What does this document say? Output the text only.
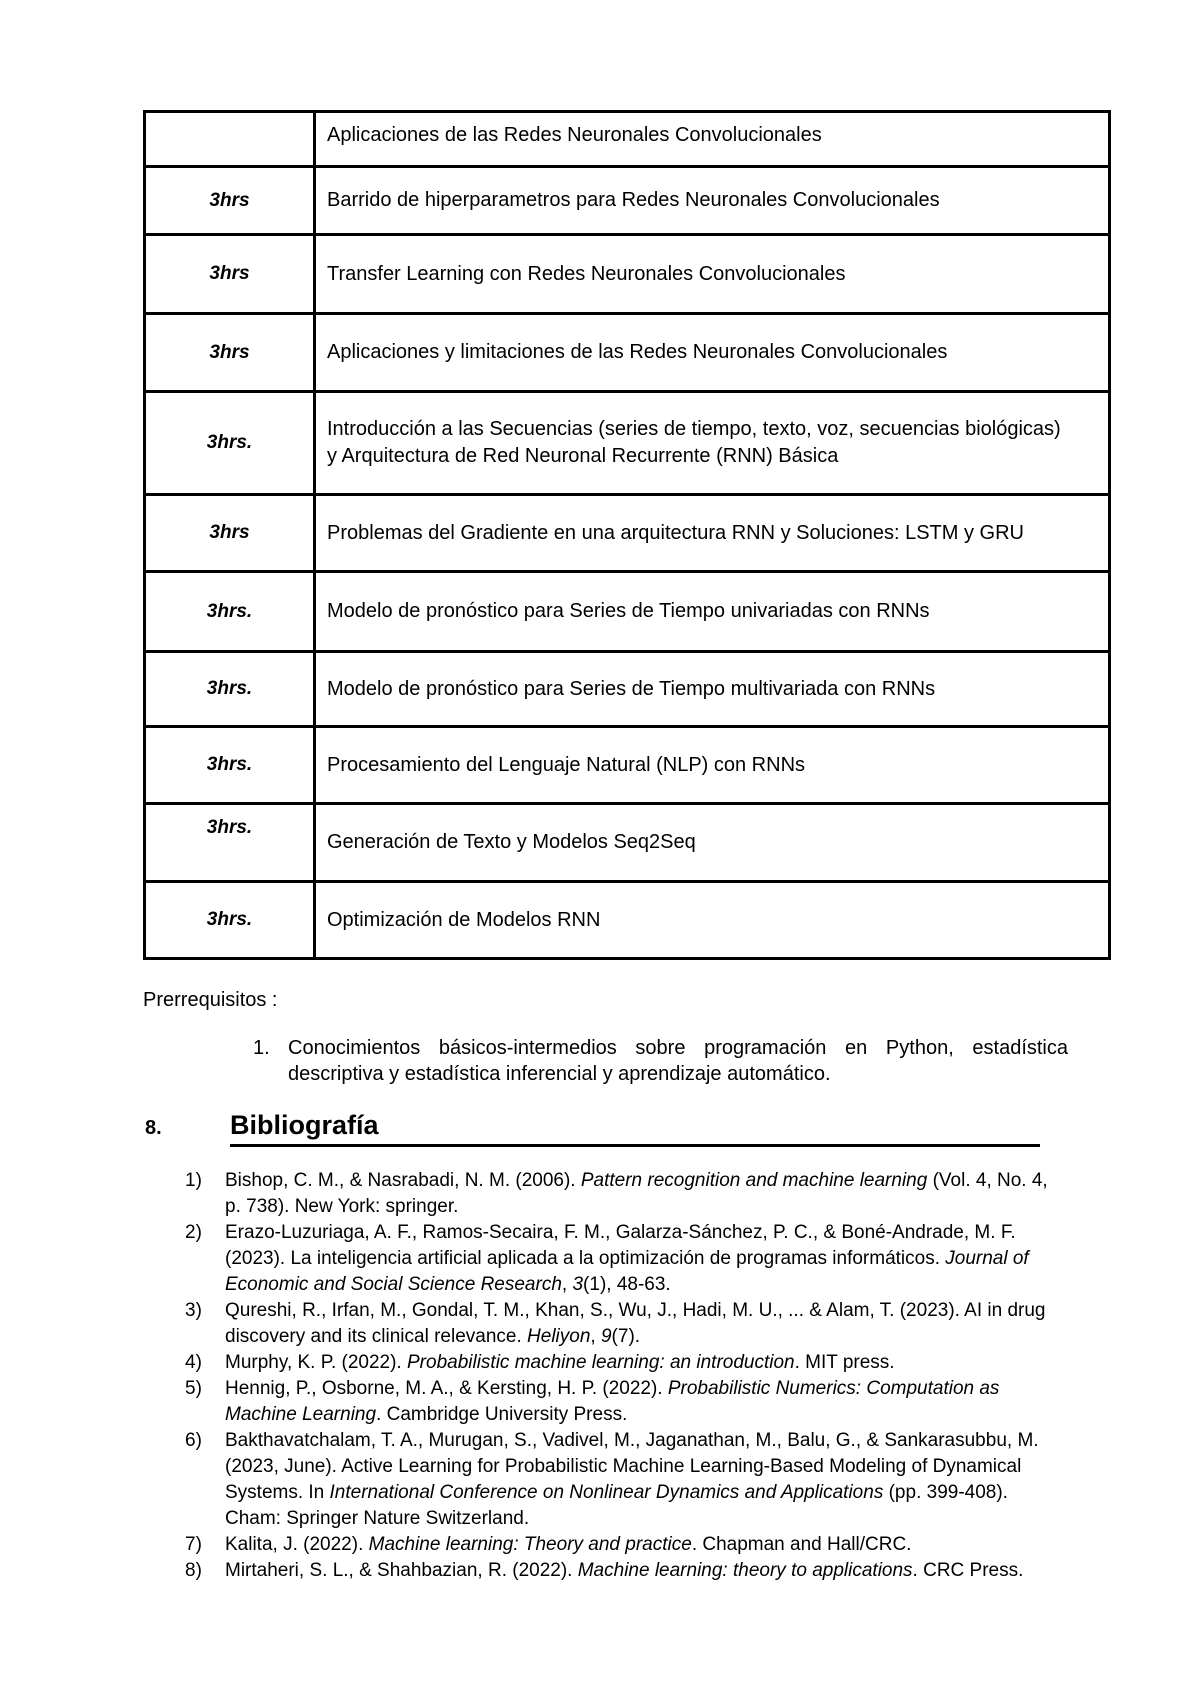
	Aplicaciones de las Redes Neuronales Convolucionales

3hrs	Barrido de hiperparametros para Redes Neuronales Convolucionales

3hrs	Transfer Learning con Redes Neuronales Convolucionales

3hrs	Aplicaciones y limitaciones de las Redes Neuronales Convolucionales

3hrs.	Introducción a las Secuencias (series de tiempo, texto, voz, secuencias biológicas) y Arquitectura de Red Neuronal Recurrente (RNN) Básica

3hrs	Problemas del Gradiente en una arquitectura RNN y Soluciones: LSTM y GRU

3hrs.	Modelo de pronóstico para Series de Tiempo univariadas con RNNs

3hrs.	Modelo de pronóstico para Series de Tiempo multivariada con RNNs

3hrs.	Procesamiento del Lenguaje Natural (NLP) con RNNs

3hrs.	Generación de Texto y Modelos Seq2Seq

3hrs.	Optimización de Modelos RNN
Prerrequisitos :
1. Conocimientos básicos-intermedios sobre programación en Python, estadística descriptiva y estadística inferencial y aprendizaje automático.
8.	Bibliografía
1)	Bishop, C. M., & Nasrabadi, N. M. (2006). Pattern recognition and machine learning (Vol. 4, No. 4, p. 738). New York: springer.
2)	Erazo-Luzuriaga, A. F., Ramos-Secaira, F. M., Galarza-Sánchez, P. C., & Boné-Andrade, M. F. (2023). La inteligencia artificial aplicada a la optimización de programas informáticos. Journal of Economic and Social Science Research, 3(1), 48-63.
3)	Qureshi, R., Irfan, M., Gondal, T. M., Khan, S., Wu, J., Hadi, M. U., ... & Alam, T. (2023). AI in drug discovery and its clinical relevance. Heliyon, 9(7).
4)	Murphy, K. P. (2022). Probabilistic machine learning: an introduction. MIT press.
5)	Hennig, P., Osborne, M. A., & Kersting, H. P. (2022). Probabilistic Numerics: Computation as Machine Learning. Cambridge University Press.
6)	Bakthavatchalam, T. A., Murugan, S., Vadivel, M., Jaganathan, M., Balu, G., & Sankarasubbu, M. (2023, June). Active Learning for Probabilistic Machine Learning-Based Modeling of Dynamical Systems. In International Conference on Nonlinear Dynamics and Applications (pp. 399-408). Cham: Springer Nature Switzerland.
7)	Kalita, J. (2022). Machine learning: Theory and practice. Chapman and Hall/CRC.
8)	Mirtaheri, S. L., & Shahbazian, R. (2022). Machine learning: theory to applications. CRC Press.
